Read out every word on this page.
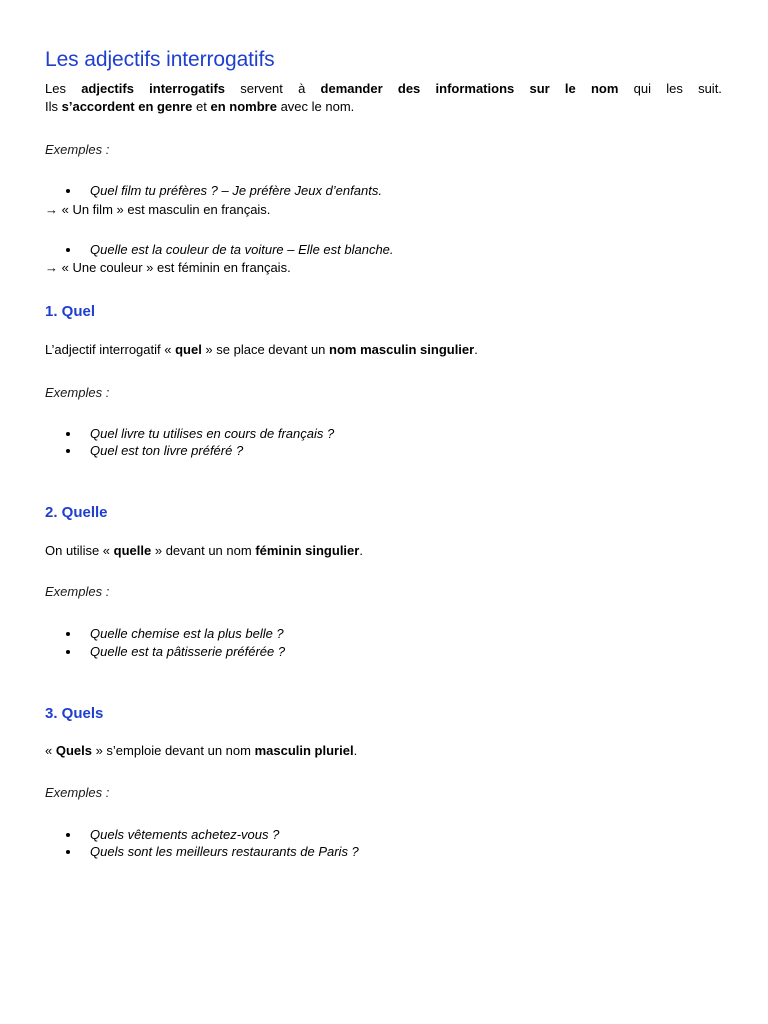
Les adjectifs interrogatifs
Les adjectifs interrogatifs servent à demander des informations sur le nom qui les suit.
Ils s’accordent en genre et en nombre avec le nom.
Exemples :
Quel film tu préfères ? – Je préfère Jeux d’enfants.
→ « Un film » est masculin en français.
Quelle est la couleur de ta voiture – Elle est blanche.
→ « Une couleur » est féminin en français.
1. Quel
L’adjectif interrogatif « quel » se place devant un nom masculin singulier.
Exemples :
Quel livre tu utilises en cours de français ?
Quel est ton livre préféré ?
2. Quelle
On utilise « quelle » devant un nom féminin singulier.
Exemples :
Quelle chemise est la plus belle ?
Quelle est ta pâtisserie préférée ?
3. Quels
« Quels » s’emploie devant un nom masculin pluriel.
Exemples :
Quels vêtements achetez-vous ?
Quels sont les meilleurs restaurants de Paris ?
